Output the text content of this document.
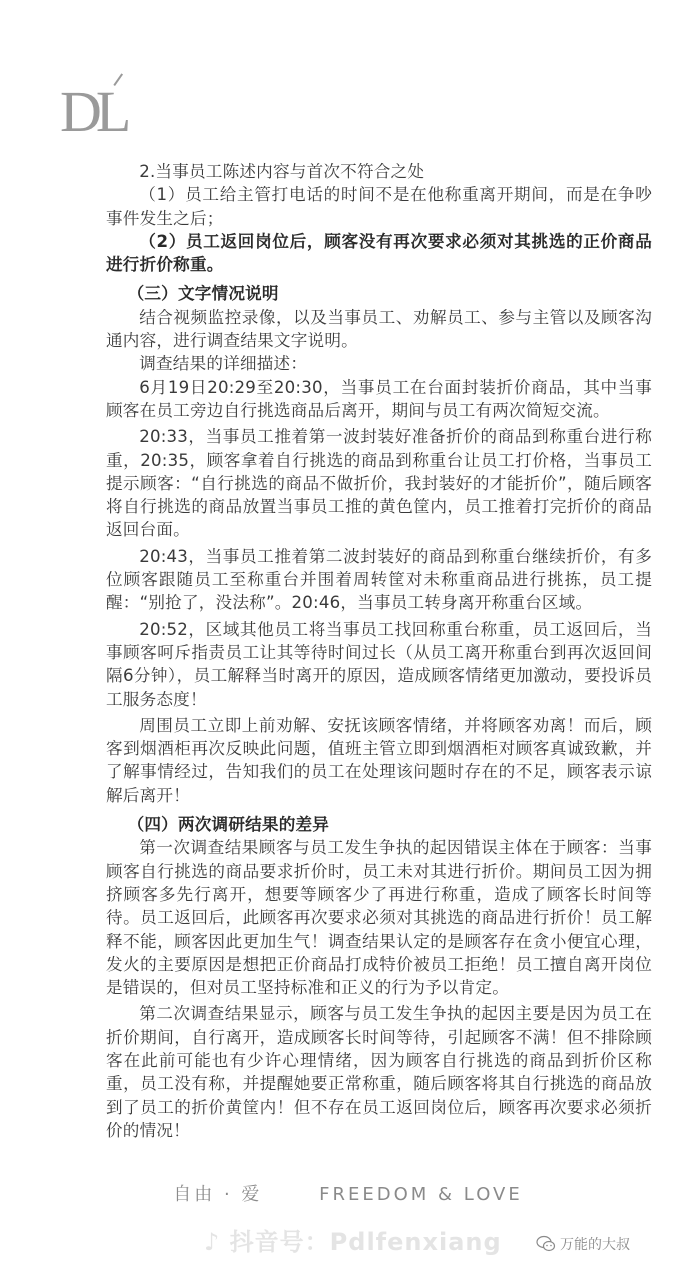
DL

2.当事员工陈述内容与首次不符合之处

（1）员工给主管打电话的时间不是在他称重离开期间，而是在争吵事件发生之后；

（2）员工返回岗位后，顾客没有再次要求必须对其挑选的正价商品进行折价称重。

（三）文字情况说明

结合视频监控录像，以及当事员工、劝解员工、参与主管以及顾客沟通内容，进行调查结果文字说明。

调查结果的详细描述：

6月19日20:29至20:30，当事员工在台面封装折价商品，其中当事顾客在员工旁边自行挑选商品后离开，期间与员工有两次简短交流。

20:33，当事员工推着第一波封装好准备折价的商品到称重台进行称重，20:35，顾客拿着自行挑选的商品到称重台让员工打价格，当事员工提示顾客：“自行挑选的商品不做折价，我封装好的才能折价”，随后顾客将自行挑选的商品放置当事员工推的黄色筐内，员工推着打完折价的商品返回台面。

20:43，当事员工推着第二波封装好的商品到称重台继续折价，有多位顾客跟随员工至称重台并围着周转筐对未称重商品进行挑拣，员工提醒：“别抢了，没法称”。20:46，当事员工转身离开称重台区域。

20:52，区域其他员工将当事员工找回称重台称重，员工返回后，当事顾客呵斥指责员工让其等待时间过长（从员工离开称重台到再次返回间隔6分钟），员工解释当时离开的原因，造成顾客情绪更加激动，要投诉员工服务态度！

周围员工立即上前劝解、安抚该顾客情绪，并将顾客劝离！而后，顾客到烟酒柜再次反映此问题，值班主管立即到烟酒柜对顾客真诚致歉，并了解事情经过，告知我们的员工在处理该问题时存在的不足，顾客表示谅解后离开！

（四）两次调研结果的差异

第一次调查结果顾客与员工发生争执的起因错误主体在于顾客：当事顾客自行挑选的商品要求折价时，员工未对其进行折价。期间员工因为拥挤顾客多先行离开，想要等顾客少了再进行称重，造成了顾客长时间等待。员工返回后，此顾客再次要求必须对其挑选的商品进行折价！员工解释不能，顾客因此更加生气！调查结果认定的是顾客存在贪小便宜心理，发火的主要原因是想把正价商品打成特价被员工拒绝！员工擅自离开岗位是错误的，但对员工坚持标准和正义的行为予以肯定。

第二次调查结果显示，顾客与员工发生争执的起因主要是因为员工在折价期间，自行离开，造成顾客长时间等待，引起顾客不满！但不排除顾客在此前可能也有少许心理情绪，因为顾客自行挑选的商品到折价区称重，员工没有称，并提醒她要正常称重，随后顾客将其自行挑选的商品放到了员工的折价黄筐内！但不存在员工返回岗位后，顾客再次要求必须折价的情况！

自由 · 爱	FREEDOM & LOVE
♪ 抖音号：Pdlfenxiang	万能的大叔
